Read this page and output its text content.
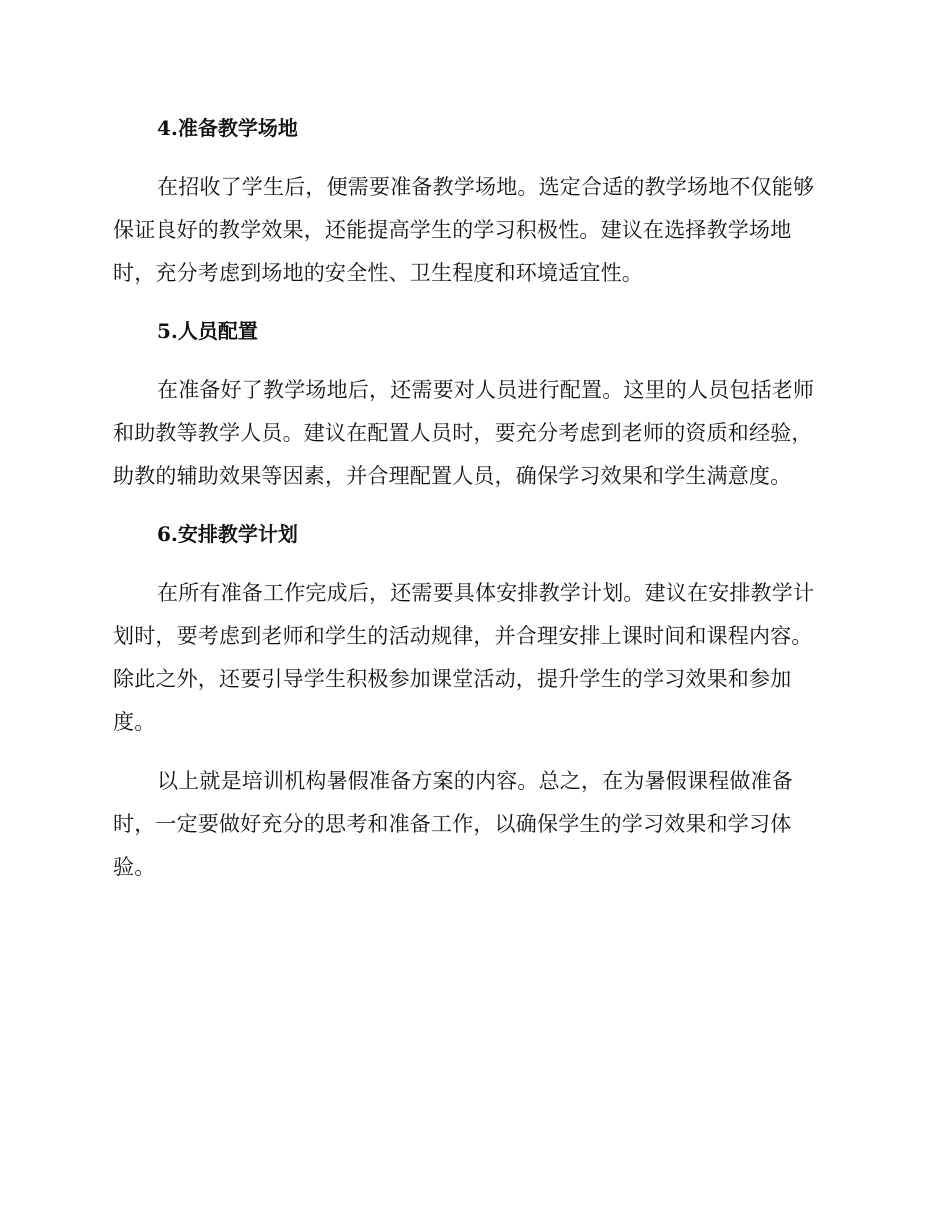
4.准备教学场地

在招收了学生后，便需要准备教学场地。选定合适的教学场地不仅能够保证良好的教学效果，还能提高学生的学习积极性。建议在选择教学场地时，充分考虑到场地的安全性、卫生程度和环境适宜性。

5.人员配置

在准备好了教学场地后，还需要对人员进行配置。这里的人员包括老师和助教等教学人员。建议在配置人员时，要充分考虑到老师的资质和经验，助教的辅助效果等因素，并合理配置人员，确保学习效果和学生满意度。

6.安排教学计划

在所有准备工作完成后，还需要具体安排教学计划。建议在安排教学计划时，要考虑到老师和学生的活动规律，并合理安排上课时间和课程内容。除此之外，还要引导学生积极参加课堂活动，提升学生的学习效果和参加度。

以上就是培训机构暑假准备方案的内容。总之，在为暑假课程做准备时，一定要做好充分的思考和准备工作，以确保学生的学习效果和学习体验。
